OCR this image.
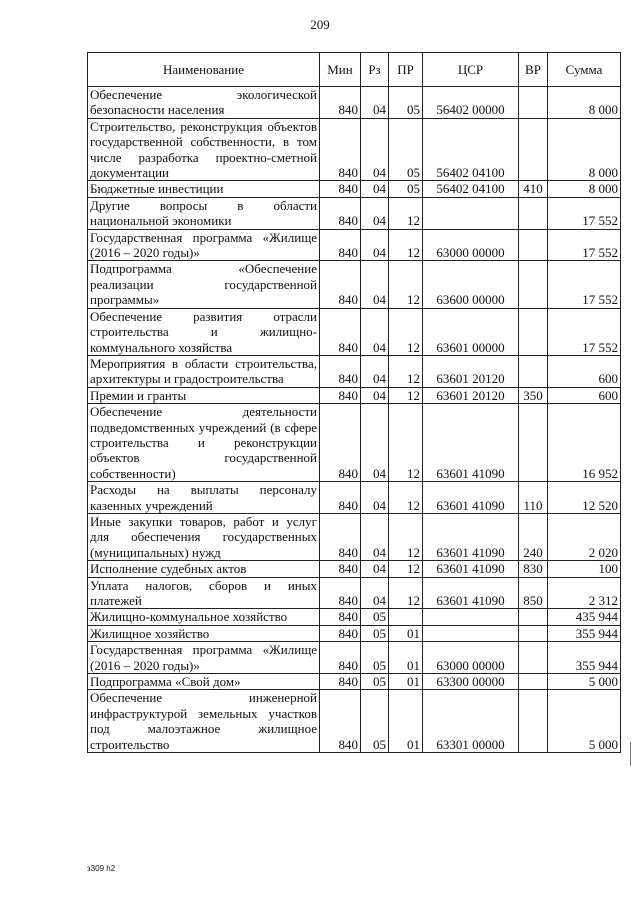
209
Наименование	Мин	Рз	ПР	ЦСР	ВР	Сумма
Обеспечение экологической безопасности населения	840	04	05	56402 00000		8 000
Строительство, реконструкция объектов государственной собственности, в том числе разработка проектно-сметной документации	840	04	05	56402 04100		8 000
Бюджетные инвестиции	840	04	05	56402 04100	410	8 000
Другие вопросы в области национальной экономики	840	04	12			17 552
Государственная программа «Жилище (2016 – 2020 годы)»	840	04	12	63000 00000		17 552
Подпрограмма «Обеспечение реализации государственной программы»	840	04	12	63600 00000		17 552
Обеспечение развития отрасли строительства и жилищно-коммунального хозяйства	840	04	12	63601 00000		17 552
Мероприятия в области строительства, архитектуры и градостроительства	840	04	12	63601 20120		600
Премии и гранты	840	04	12	63601 20120	350	600
Обеспечение деятельности подведомственных учреждений (в сфере строительства и реконструкции объектов государственной собственности)	840	04	12	63601 41090		16 952
Расходы на выплаты персоналу казенных учреждений	840	04	12	63601 41090	110	12 520
Иные закупки товаров, работ и услуг для обеспечения государственных (муниципальных) нужд	840	04	12	63601 41090	240	2 020
Исполнение судебных актов	840	04	12	63601 41090	830	100
Уплата налогов, сборов и иных платежей	840	04	12	63601 41090	850	2 312
Жилищно-коммунальное хозяйство	840	05				435 944
Жилищное хозяйство	840	05	01			355 944
Государственная программа «Жилище (2016 – 2020 годы)»	840	05	01	63000 00000		355 944
Подпрограмма «Свой дом»	840	05	01	63300 00000		5 000
Обеспечение инженерной инфраструктурой земельных участков под малоэтажное жилищное строительство	840	05	01	63301 00000		5 000
з309 h2
